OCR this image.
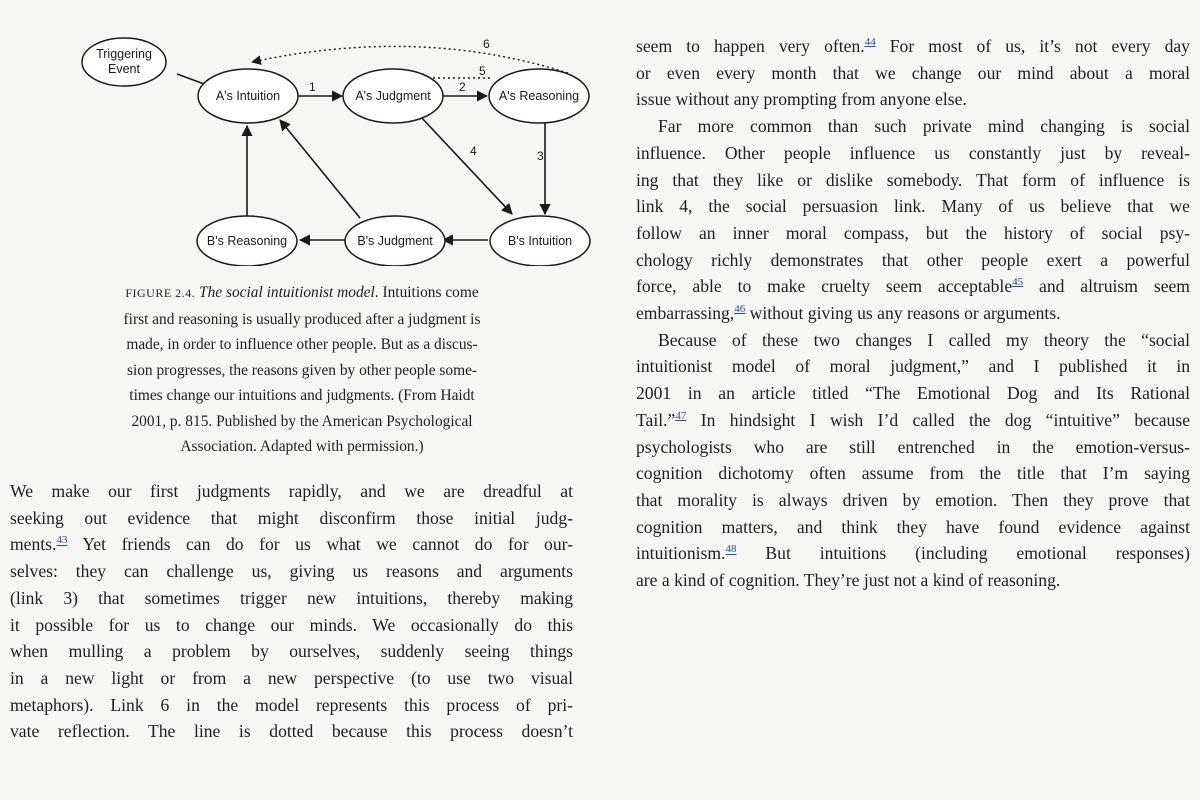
Triggering
Event
A's Intuition	A's Judgment	A's Reasoning
B's Reasoning	B's Judgment	B's Intuition
1	2
3
4
5
6
FIGURE 2.4. The social intuitionist model. Intuitions come
first and reasoning is usually produced after a judgment is
made, in order to influence other people. But as a discus-
sion progresses, the reasons given by other people some-
times change our intuitions and judgments. (From Haidt
2001, p. 815. Published by the American Psychological
Association. Adapted with permission.)
We make our first judgments rapidly, and we are dreadful at
seeking out evidence that might disconfirm those initial judg-
ments.$^{43}$ Yet friends can do for us what we cannot do for our-
selves: they can challenge us, giving us reasons and arguments
(link 3) that sometimes trigger new intuitions, thereby making
it possible for us to change our minds. We occasionally do this
when mulling a problem by ourselves, suddenly seeing things
in a new light or from a new perspective (to use two visual
metaphors). Link 6 in the model represents this process of pri-
vate reflection. The line is dotted because this process doesn’t
seem to happen very often.$^{44}$ For most of us, it’s not every day
or even every month that we change our mind about a moral
issue without any prompting from anyone else.
Far more common than such private mind changing is social
influence. Other people influence us constantly just by reveal-
ing that they like or dislike somebody. That form of influence is
link 4, the social persuasion link. Many of us believe that we
follow an inner moral compass, but the history of social psy-
chology richly demonstrates that other people exert a powerful
force, able to make cruelty seem acceptable$^{45}$ and altruism seem
embarrassing,$^{46}$ without giving us any reasons or arguments.
Because of these two changes I called my theory the “social
intuitionist model of moral judgment,” and I published it in
2001 in an article titled “The Emotional Dog and Its Rational
Tail.”$^{47}$ In hindsight I wish I’d called the dog “intuitive” because
psychologists who are still entrenched in the emotion-versus-
cognition dichotomy often assume from the title that I’m saying
that morality is always driven by emotion. Then they prove that
cognition matters, and think they have found evidence against
intuitionism.$^{48}$ But intuitions (including emotional responses)
are a kind of cognition. They’re just not a kind of reasoning.
